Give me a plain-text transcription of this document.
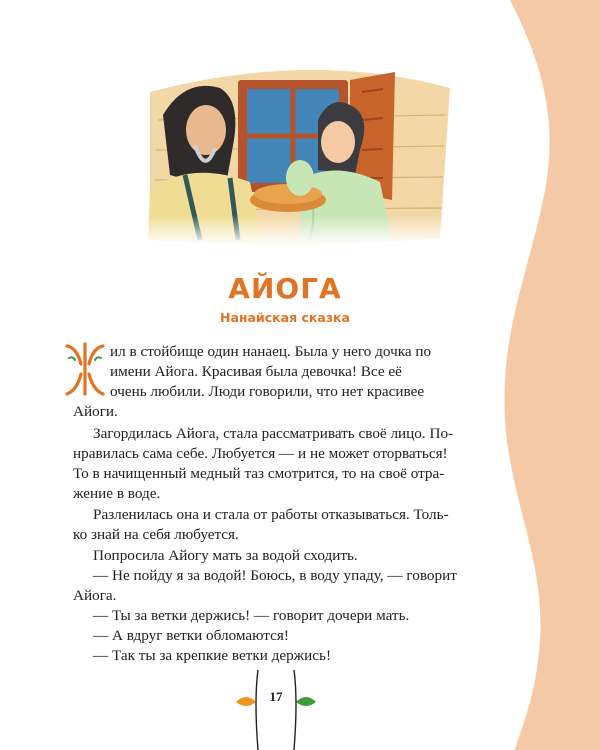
АЙОГА
Нанайская сказка
ил в стойбище один нанаец. Была у него дочка по
имени Айога. Красивая была девочка! Все её
очень любили. Люди говорили, что нет красивее
Айоги.
Загордилась Айога, стала рассматривать своё лицо. По-
нравилась сама себе. Любуется — и не может оторваться!
То в начищенный медный таз смотрится, то на своё отра-
жение в воде.
Разленилась она и стала от работы отказываться. Толь-
ко знай на себя любуется.
Попросила Айогу мать за водой сходить.
— Не пойду я за водой! Боюсь, в воду упаду, — говорит
Айога.
— Ты за ветки держись! — говорит дочери мать.
— А вдруг ветки обломаются!
— Так ты за крепкие ветки держись!
17
